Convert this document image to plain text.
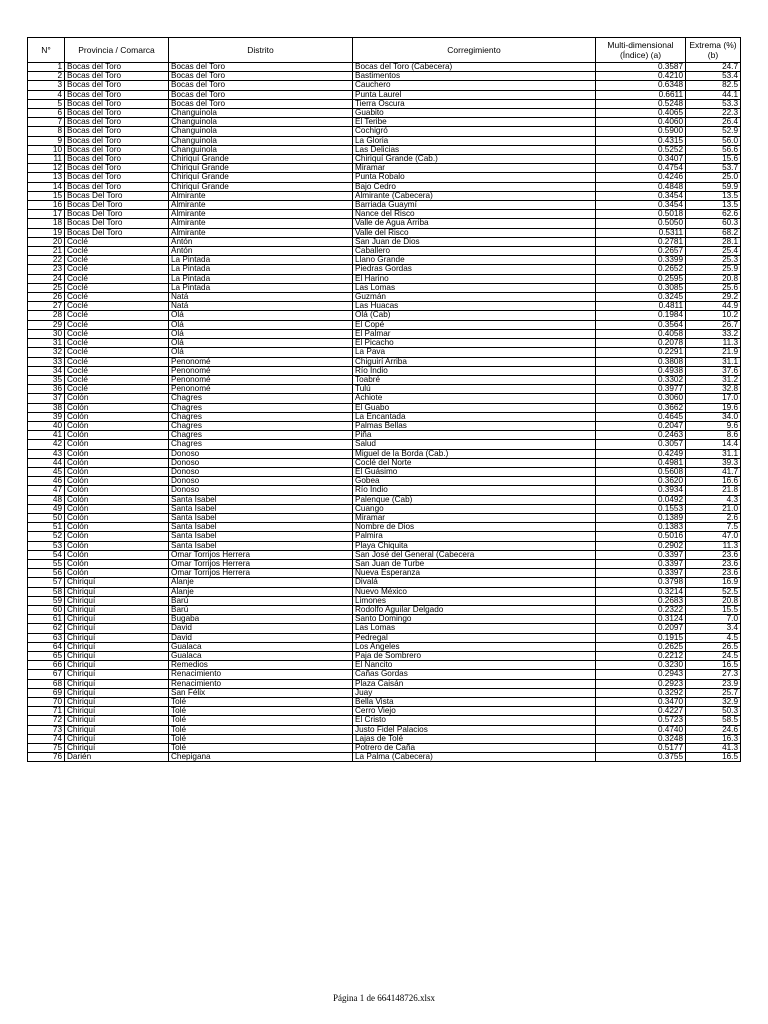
N°	Provincia / Comarca	Distrito	Corregimiento	Multi-dimensional (Índice) (a)	Extrema (%) (b)
1	Bocas del Toro	Bocas del Toro	Bocas del Toro (Cabecera)	0.3587	24.7
2	Bocas del Toro	Bocas del Toro	Bastimentos	0.4210	53.4
3	Bocas del Toro	Bocas del Toro	Cauchero	0.6348	82.5
4	Bocas del Toro	Bocas del Toro	Punta Laurel	0.6611	44.1
5	Bocas del Toro	Bocas del Toro	Tierra Oscura	0.5248	53.3
6	Bocas del Toro	Changuinola	Guabito	0.4065	22.3
7	Bocas del Toro	Changuinola	El Teribe	0.4060	26.4
8	Bocas del Toro	Changuinola	Cochigró	0.5900	52.9
9	Bocas del Toro	Changuinola	La Gloria	0.4315	56.0
10	Bocas del Toro	Changuinola	Las Delicias	0.5252	56.6
11	Bocas del Toro	Chiriquí Grande	Chiriquí Grande (Cab.)	0.3407	15.6
12	Bocas del Toro	Chiriquí Grande	Miramar	0.4754	53.7
13	Bocas del Toro	Chiriquí Grande	Punta Robalo	0.4246	25.0
14	Bocas del Toro	Chiriquí Grande	Bajo Cedro	0.4848	59.9
15	Bocas Del Toro	Almirante	Almirante (Cabecera)	0.3454	13.5
16	Bocas Del Toro	Almirante	Barriada Guaymí	0.3454	13.5
17	Bocas Del Toro	Almirante	Nance del Risco	0.5018	62.6
18	Bocas Del Toro	Almirante	Valle de Agua Arriba	0.5050	60.3
19	Bocas Del Toro	Almirante	Valle del Risco	0.5311	68.2
20	Coclé	Antón	San Juan de Dios	0.2781	28.1
21	Coclé	Antón	Caballero	0.2657	25.4
22	Coclé	La Pintada	Llano Grande	0.3399	25.3
23	Coclé	La Pintada	Piedras Gordas	0.2652	25.9
24	Coclé	La Pintada	El Harino	0.2595	20.8
25	Coclé	La Pintada	Las Lomas	0.3085	25.6
26	Coclé	Natá	Guzmán	0.3245	29.2
27	Coclé	Natá	Las Huacas	0.4811	44.9
28	Coclé	Olá	Olá (Cab)	0.1984	10.2
29	Coclé	Olá	El Copé	0.3564	26.7
30	Coclé	Olá	El Palmar	0.4058	33.2
31	Coclé	Olá	El Picacho	0.2078	11.3
32	Coclé	Olá	La Pava	0.2291	21.9
33	Coclé	Penonomé	Chiguirí Arriba	0.3808	31.1
34	Coclé	Penonomé	Río Indio	0.4938	37.6
35	Coclé	Penonomé	Toabré	0.3302	31.2
36	Coclé	Penonomé	Tulú	0.3977	32.8
37	Colón	Chagres	Achiote	0.3060	17.0
38	Colón	Chagres	El Guabo	0.3662	19.6
39	Colón	Chagres	La Encantada	0.4645	34.0
40	Colón	Chagres	Palmas Bellas	0.2047	9.6
41	Colón	Chagres	Piña	0.2463	8.6
42	Colón	Chagres	Salud	0.3057	14.4
43	Colón	Donoso	Miguel de la Borda (Cab.)	0.4249	31.1
44	Colón	Donoso	Coclé del Norte	0.4981	39.3
45	Colón	Donoso	El Guásimo	0.5608	41.7
46	Colón	Donoso	Gobea	0.3620	16.6
47	Colón	Donoso	Río Indio	0.3934	21.8
48	Colón	Santa Isabel	Palenque (Cab)	0.0492	4.3
49	Colón	Santa Isabel	Cuango	0.1553	21.0
50	Colón	Santa Isabel	Miramar	0.1389	2.6
51	Colón	Santa Isabel	Nombre de Dios	0.1383	7.5
52	Colón	Santa Isabel	Palmira	0.5016	47.0
53	Colón	Santa Isabel	Playa Chiquita	0.2902	11.3
54	Colón	Omar Torrijos Herrera	San José del General (Cabecera	0.3397	23.6
55	Colón	Omar Torrijos Herrera	San Juan de Turbe	0.3397	23.6
56	Colón	Omar Torrijos Herrera	Nueva Esperanza	0.3397	23.6
57	Chiriquí	Alanje	Divalá	0.3798	16.9
58	Chiriquí	Alanje	Nuevo México	0.3214	52.5
59	Chiriquí	Barú	Limones	0.2683	20.8
60	Chiriquí	Barú	Rodolfo Aguilar Delgado	0.2322	15.5
61	Chiriquí	Bugaba	Santo Domingo	0.3124	7.0
62	Chiriquí	David	Las Lomas	0.2097	3.4
63	Chiriquí	David	Pedregal	0.1915	4.5
64	Chiriquí	Gualaca	Los Angeles	0.2625	26.5
65	Chiriquí	Gualaca	Paja de Sombrero	0.2212	24.5
66	Chiriquí	Remedios	El Nancito	0.3230	16.5
67	Chiriquí	Renacimiento	Cañas Gordas	0.2943	27.3
68	Chiriquí	Renacimiento	Plaza Caisán	0.2923	23.9
69	Chiriquí	San Félix	Juay	0.3292	25.7
70	Chiriquí	Tolé	Bella Vista	0.3470	32.9
71	Chiriquí	Tolé	Cerro Viejo	0.4227	50.3
72	Chiriquí	Tolé	El Cristo	0.5723	58.5
73	Chiriquí	Tolé	Justo Fidel Palacios	0.4740	24.6
74	Chiriquí	Tolé	Lajas de Tolé	0.3248	16.3
75	Chiriquí	Tolé	Potrero de Caña	0.5177	41.3
76	Darién	Chepigana	La Palma (Cabecera)	0.3755	16.5
Página 1 de 664148726.xlsx
